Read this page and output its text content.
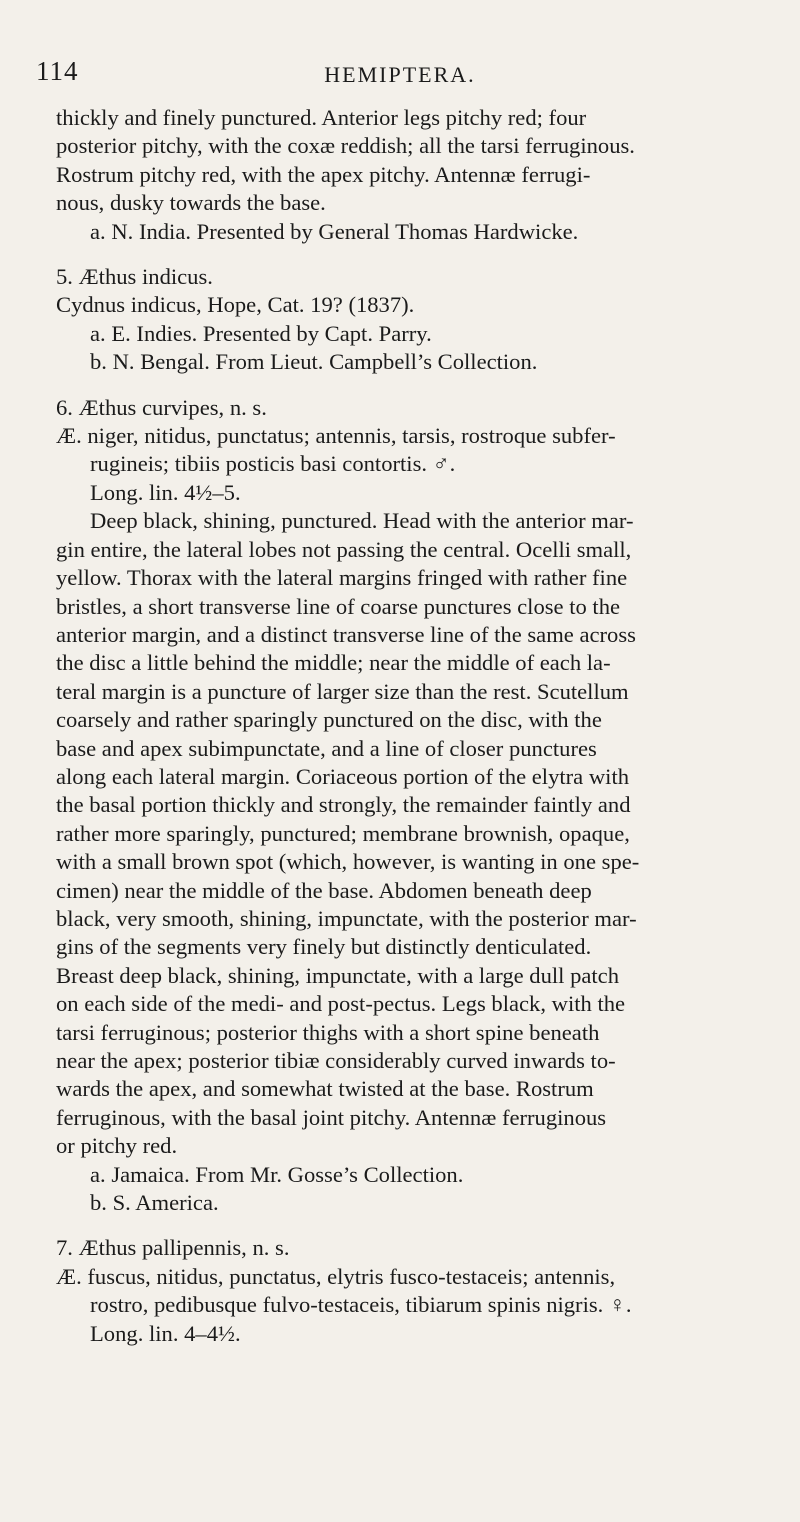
114	HEMIPTERA.
thickly and finely punctured. Anterior legs pitchy red; four
posterior pitchy, with the coxæ reddish; all the tarsi ferruginous.
Rostrum pitchy red, with the apex pitchy. Antennæ ferrugi-
nous, dusky towards the base.
a. N. India. Presented by General Thomas Hardwicke.
5. Æthus indicus.
Cydnus indicus, Hope, Cat. 19? (1837).
a. E. Indies. Presented by Capt. Parry.
b. N. Bengal. From Lieut. Campbell’s Collection.
6. Æthus curvipes, n. s.
Æ. niger, nitidus, punctatus; antennis, tarsis, rostroque subfer-
rugineis; tibiis posticis basi contortis. ♂.
Long. lin. 4½–5.
Deep black, shining, punctured. Head with the anterior mar-
gin entire, the lateral lobes not passing the central. Ocelli small,
yellow. Thorax with the lateral margins fringed with rather fine
bristles, a short transverse line of coarse punctures close to the
anterior margin, and a distinct transverse line of the same across
the disc a little behind the middle; near the middle of each la-
teral margin is a puncture of larger size than the rest. Scutellum
coarsely and rather sparingly punctured on the disc, with the
base and apex subimpunctate, and a line of closer punctures
along each lateral margin. Coriaceous portion of the elytra with
the basal portion thickly and strongly, the remainder faintly and
rather more sparingly, punctured; membrane brownish, opaque,
with a small brown spot (which, however, is wanting in one spe-
cimen) near the middle of the base. Abdomen beneath deep
black, very smooth, shining, impunctate, with the posterior mar-
gins of the segments very finely but distinctly denticulated.
Breast deep black, shining, impunctate, with a large dull patch
on each side of the medi- and post-pectus. Legs black, with the
tarsi ferruginous; posterior thighs with a short spine beneath
near the apex; posterior tibiæ considerably curved inwards to-
wards the apex, and somewhat twisted at the base. Rostrum
ferruginous, with the basal joint pitchy. Antennæ ferruginous
or pitchy red.
a. Jamaica. From Mr. Gosse’s Collection.
b. S. America.
7. Æthus pallipennis, n. s.
Æ. fuscus, nitidus, punctatus, elytris fusco-testaceis; antennis,
rostro, pedibusque fulvo-testaceis, tibiarum spinis nigris. ♀.
Long. lin. 4–4½.
